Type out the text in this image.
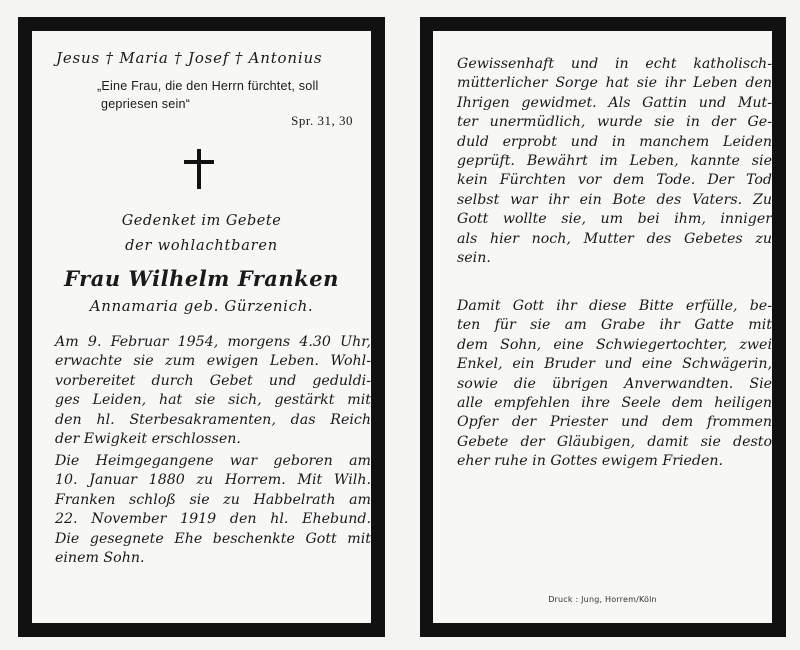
Jesus † Maria † Josef † Antonius
„Eine Frau, die den Herrn fürchtet, soll
gepriesen sein“
Spr. 31, 30
Gedenket im Gebete
der wohlachtbaren
Frau Wilhelm Franken
Annamaria geb. Gürzenich.
Am 9. Februar 1954, morgens 4.30 Uhr,
erwachte sie zum ewigen Leben. Wohl-
vorbereitet durch Gebet und geduldi-
ges Leiden, hat sie sich, gestärkt mit
den hl. Sterbesakramenten, das Reich
der Ewigkeit erschlossen.
Die Heimgegangene war geboren am
10. Januar 1880 zu Horrem. Mit Wilh.
Franken schloß sie zu Habbelrath am
22. November 1919 den hl. Ehebund.
Die gesegnete Ehe beschenkte Gott mit
einem Sohn.
Gewissenhaft und in echt katholisch-
mütterlicher Sorge hat sie ihr Leben den
Ihrigen gewidmet. Als Gattin und Mut-
ter unermüdlich, wurde sie in der Ge-
duld erprobt und in manchem Leiden
geprüft. Bewährt im Leben, kannte sie
kein Fürchten vor dem Tode. Der Tod
selbst war ihr ein Bote des Vaters. Zu
Gott wollte sie, um bei ihm, inniger
als hier noch, Mutter des Gebetes zu
sein.
Damit Gott ihr diese Bitte erfülle, be-
ten für sie am Grabe ihr Gatte mit
dem Sohn, eine Schwiegertochter, zwei
Enkel, ein Bruder und eine Schwägerin,
sowie die übrigen Anverwandten. Sie
alle empfehlen ihre Seele dem heiligen
Opfer der Priester und dem frommen
Gebete der Gläubigen, damit sie desto
eher ruhe in Gottes ewigem Frieden.
Druck : Jung, Horrem/Köln
